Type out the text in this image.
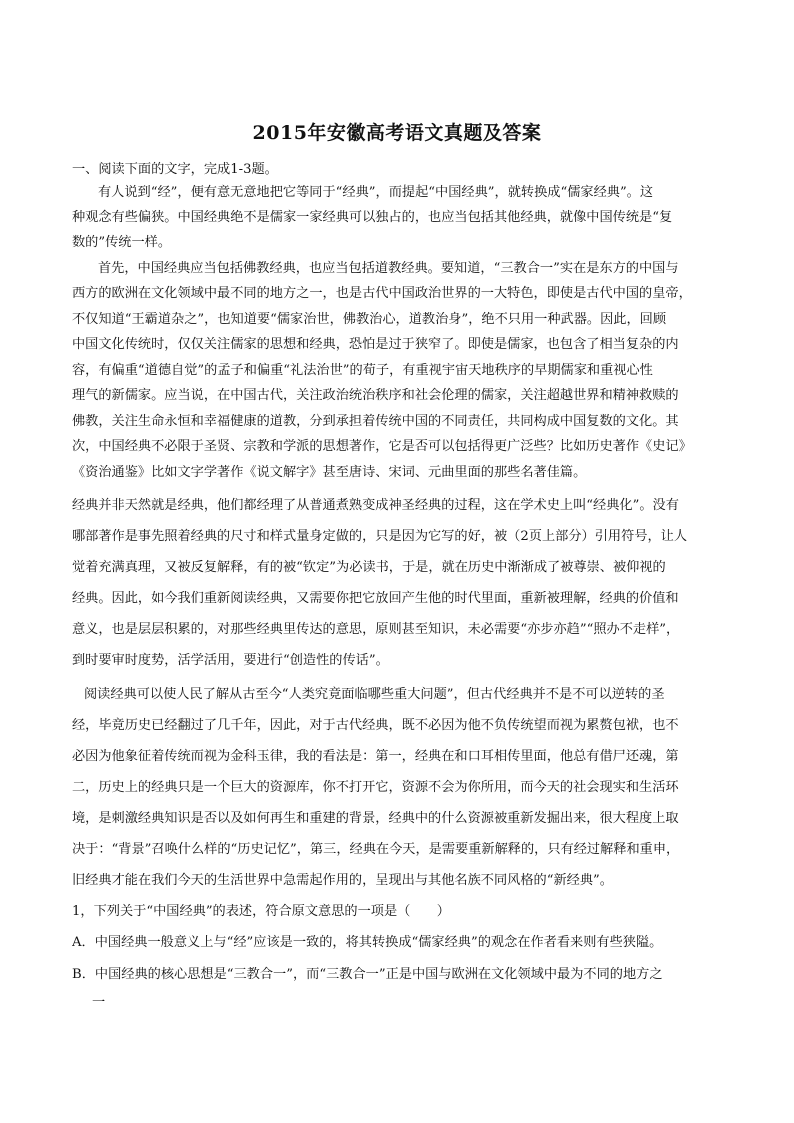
2015年安徽高考语文真题及答案
一、阅读下面的文字，完成1-3题。
有人说到“经”，便有意无意地把它等同于“经典”，而提起“中国经典”，就转换成“儒家经典”。这
种观念有些偏狭。中国经典绝不是儒家一家经典可以独占的，也应当包括其他经典，就像中国传统是“复
数的”传统一样。
首先，中国经典应当包括佛教经典，也应当包括道教经典。要知道，“三教合一”实在是东方的中国与
西方的欧洲在文化领域中最不同的地方之一，也是古代中国政治世界的一大特色，即使是古代中国的皇帝，
不仅知道“王霸道杂之”，也知道要“儒家治世，佛教治心，道教治身”，绝不只用一种武器。因此，回顾
中国文化传统时，仅仅关注儒家的思想和经典，恐怕是过于狭窄了。即使是儒家，也包含了相当复杂的内
容，有偏重“道德自觉”的孟子和偏重“礼法治世”的荀子，有重视宇宙天地秩序的早期儒家和重视心性
理气的新儒家。应当说，在中国古代，关注政治统治秩序和社会伦理的儒家，关注超越世界和精神救赎的
佛教，关注生命永恒和幸福健康的道教，分到承担着传统中国的不同责任，共同构成中国复数的文化。其
次，中国经典不必限于圣贤、宗教和学派的思想著作，它是否可以包括得更广泛些？比如历史著作《史记》
《资治通鉴》比如文字学著作《说文解字》甚至唐诗、宋词、元曲里面的那些名著佳篇。
经典并非天然就是经典，他们都经理了从普通煮熟变成神圣经典的过程，这在学术史上叫“经典化”。没有
哪部著作是事先照着经典的尺寸和样式量身定做的，只是因为它写的好，被（2页上部分）引用符号，让人
觉着充满真理，又被反复解释，有的被“钦定”为必读书，于是，就在历史中渐渐成了被尊崇、被仰视的
经典。因此，如今我们重新阅读经典，又需要你把它放回产生他的时代里面，重新被理解，经典的价值和
意义，也是层层积累的，对那些经典里传达的意思，原则甚至知识，未必需要“亦步亦趋”“照办不走样”，
到时要审时度势，活学活用，要进行“创造性的传话”。
阅读经典可以使人民了解从古至今“人类究竟面临哪些重大问题”，但古代经典并不是不可以逆转的圣
经，毕竟历史已经翻过了几千年，因此，对于古代经典，既不必因为他不负传统望而视为累赘包袱，也不
必因为他象征着传统而视为金科玉律，我的看法是：第一，经典在和口耳相传里面，他总有借尸还魂，第
二，历史上的经典只是一个巨大的资源库，你不打开它，资源不会为你所用，而今天的社会现实和生活环
境，是刺激经典知识是否以及如何再生和重建的背景，经典中的什么资源被重新发掘出来，很大程度上取
决于：“背景”召唤什么样的“历史记忆”，第三，经典在今天，是需要重新解释的，只有经过解释和重申，
旧经典才能在我们今天的生活世界中急需起作用的，呈现出与其他名族不同风格的“新经典”。
1，下列关于“中国经典”的表述，符合原文意思的一项是（　　）
A．中国经典一般意义上与“经”应该是一致的，将其转换成“儒家经典”的观念在作者看来则有些狭隘。
B．中国经典的核心思想是“三教合一”，而“三教合一”正是中国与欧洲在文化领域中最为不同的地方之
一
